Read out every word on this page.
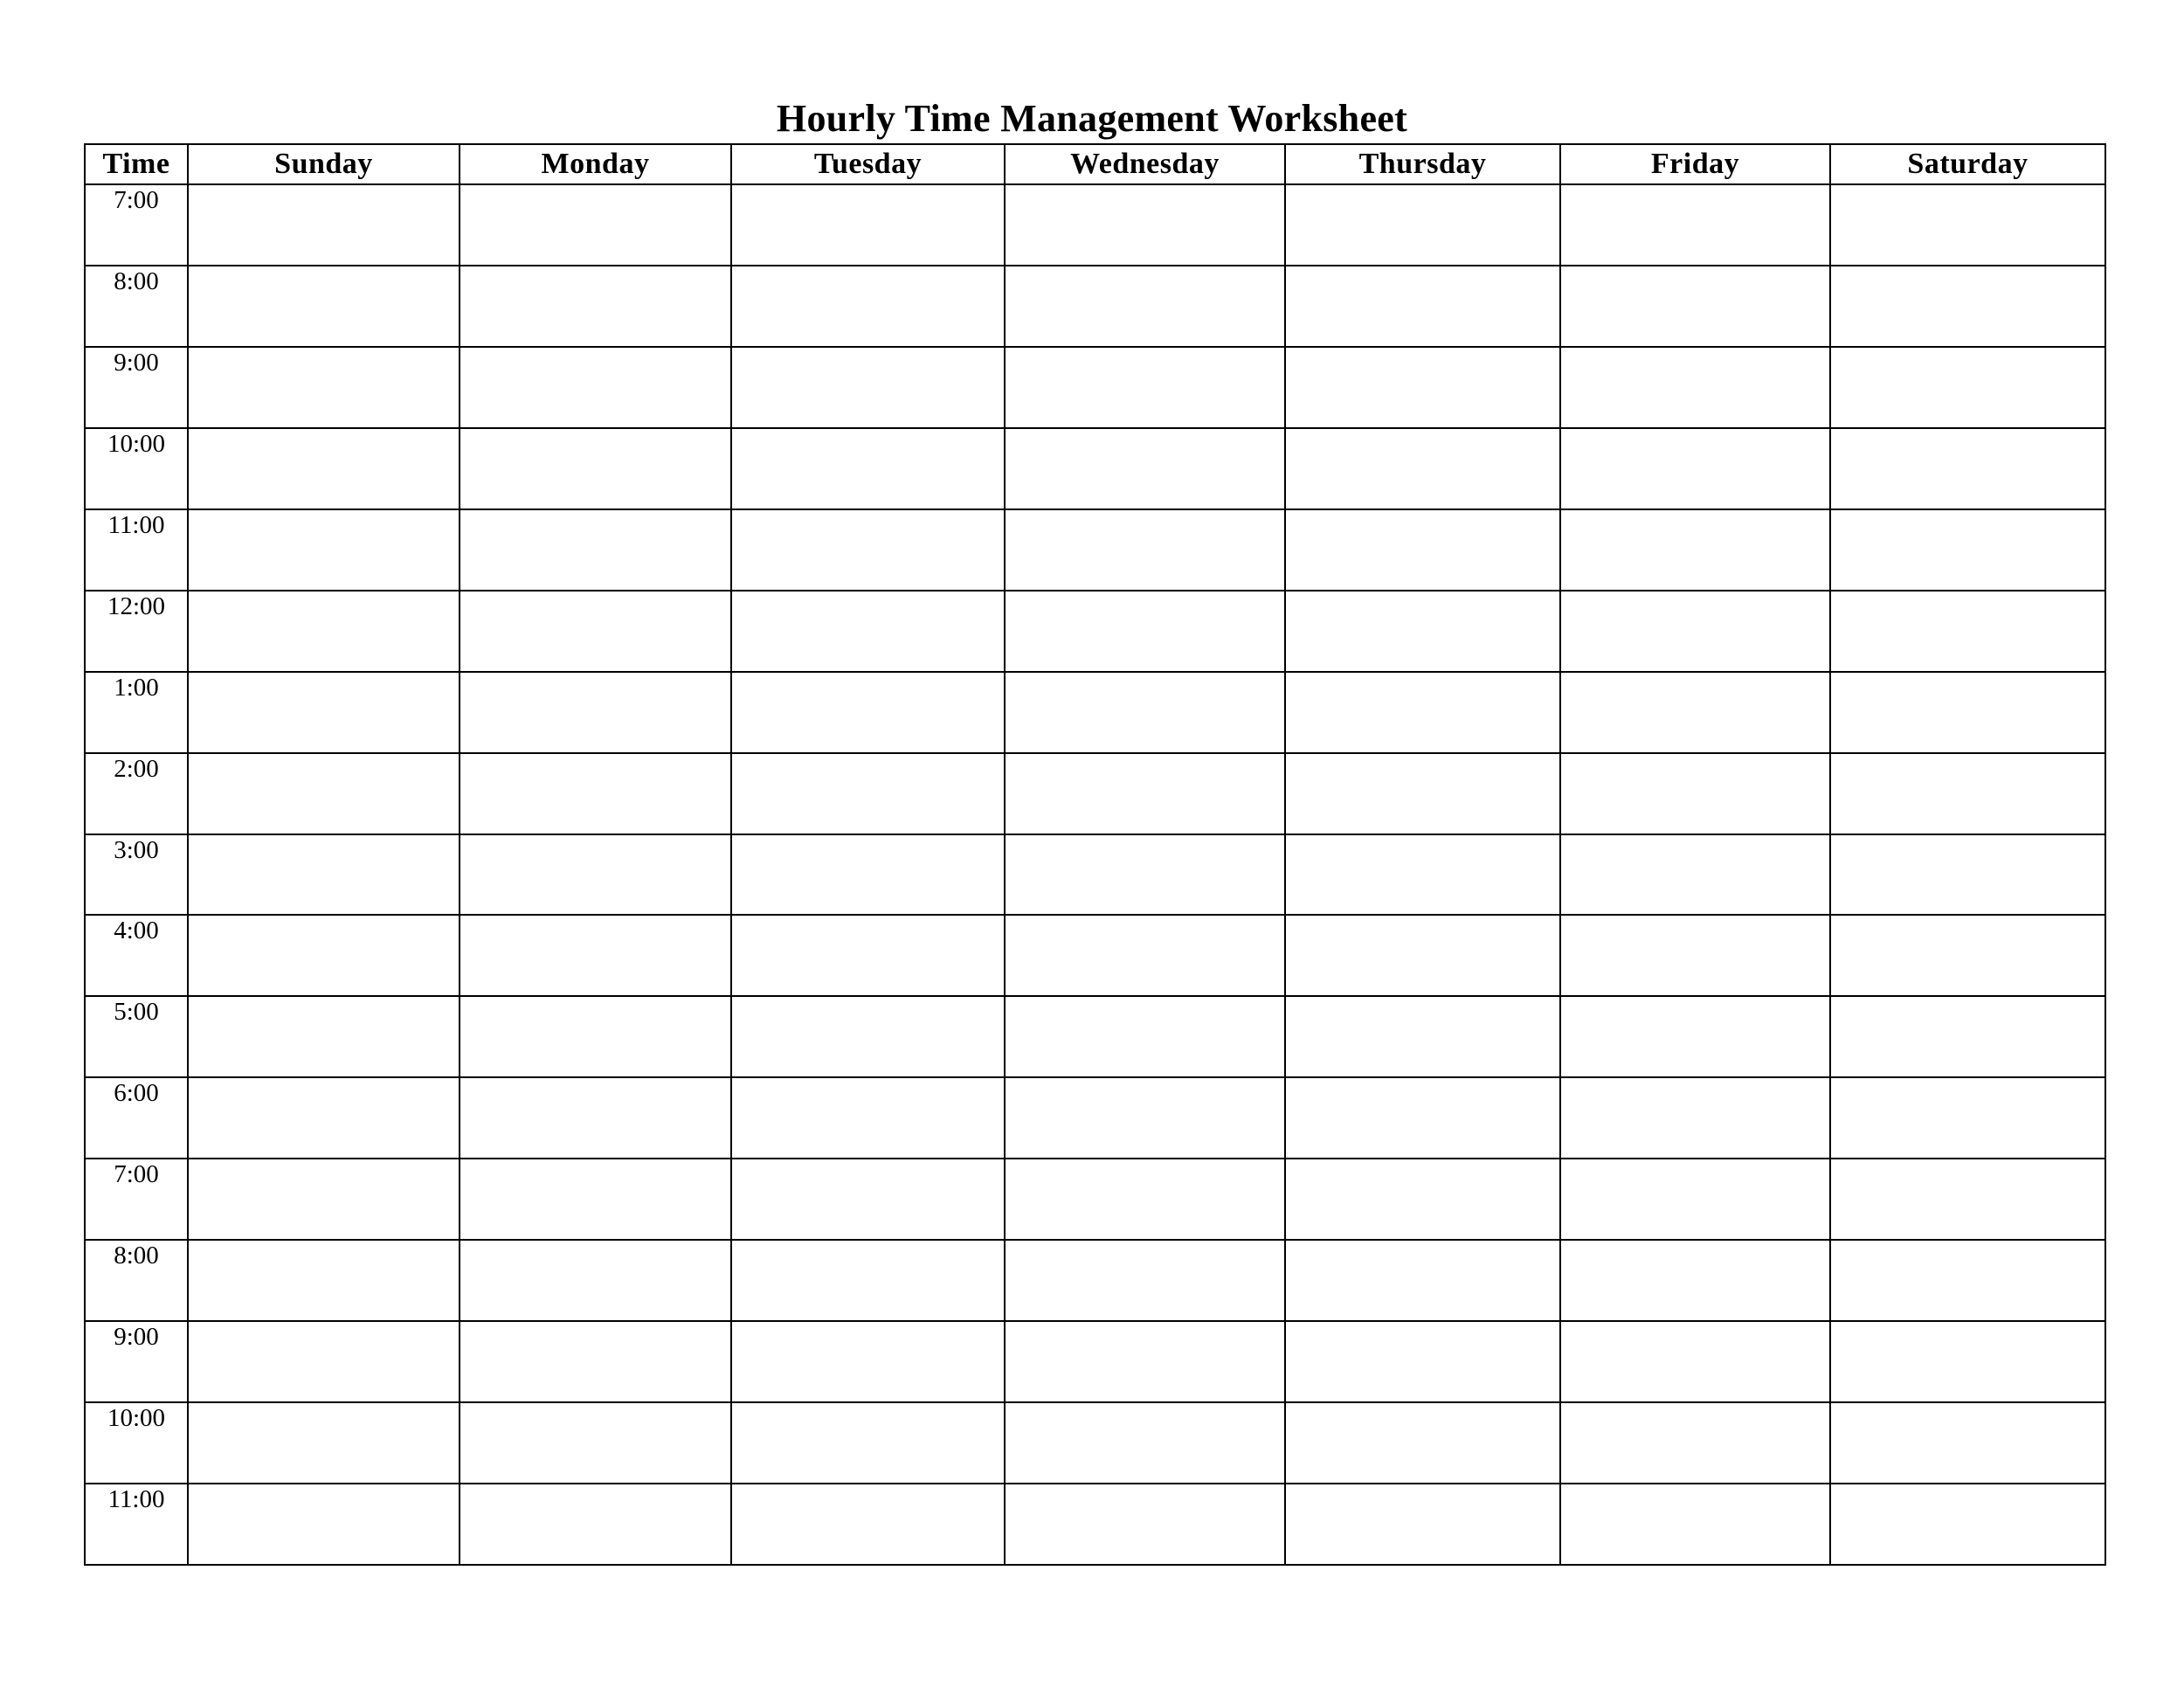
Hourly Time Management Worksheet
Time	Sunday	Monday	Tuesday	Wednesday	Thursday	Friday	Saturday
7:00							
8:00							
9:00							
10:00							
11:00							
12:00							
1:00							
2:00							
3:00							
4:00							
5:00							
6:00							
7:00							
8:00							
9:00							
10:00							
11:00							
